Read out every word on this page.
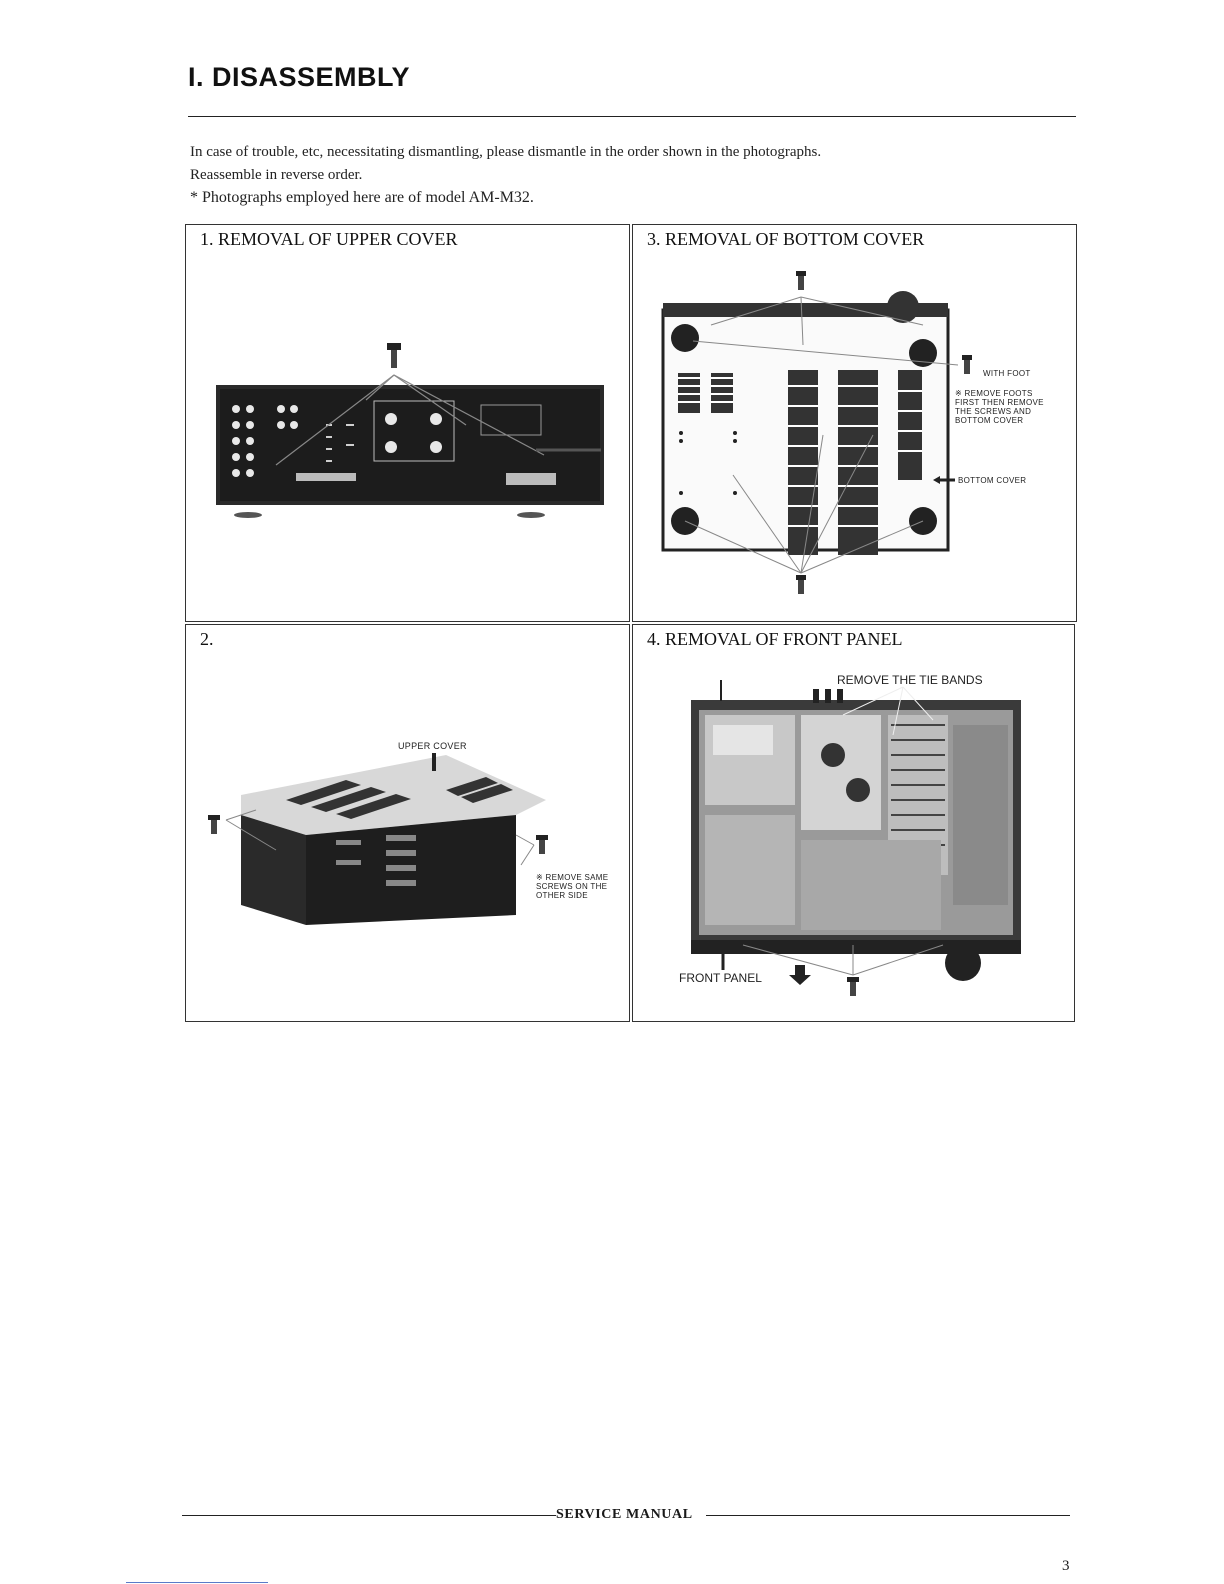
I. DISASSEMBLY
In case of trouble, etc, necessitating dismantling, please dismantle in the order shown in the photographs.
Reassemble in reverse order.
* Photographs employed here are of model AM-M32.
1. REMOVAL OF UPPER COVER	3. REMOVAL OF BOTTOM COVER
WITH FOOT
※ REMOVE FOOTS
FIRST THEN REMOVE
THE SCREWS AND
BOTTOM COVER
BOTTOM COVER
2.
UPPER COVER
※ REMOVE SAME
SCREWS ON THE
OTHER SIDE
4. REMOVAL OF FRONT PANEL
REMOVE THE TIE BANDS
FRONT PANEL
SERVICE MANUAL
3
